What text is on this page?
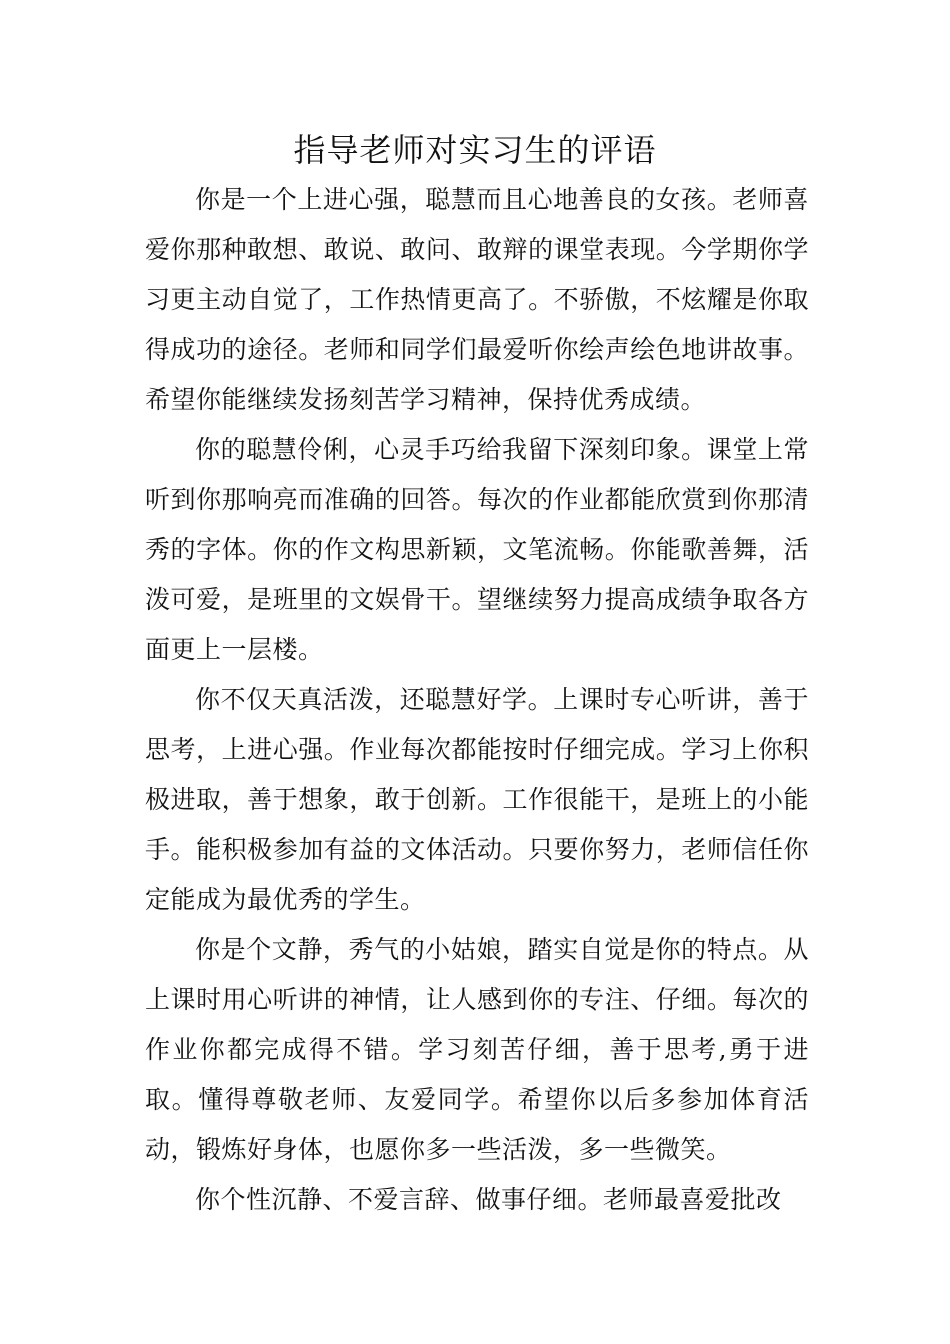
指导老师对实习生的评语

你是一个上进心强，聪慧而且心地善良的女孩。老师喜爱你那种敢想、敢说、敢问、敢辩的课堂表现。今学期你学习更主动自觉了，工作热情更高了。不骄傲，不炫耀是你取得成功的途径。老师和同学们最爱听你绘声绘色地讲故事。希望你能继续发扬刻苦学习精神，保持优秀成绩。

你的聪慧伶俐，心灵手巧给我留下深刻印象。课堂上常听到你那响亮而准确的回答。每次的作业都能欣赏到你那清秀的字体。你的作文构思新颖，文笔流畅。你能歌善舞，活泼可爱，是班里的文娱骨干。望继续努力提高成绩争取各方面更上一层楼。

你不仅天真活泼，还聪慧好学。上课时专心听讲，善于思考，上进心强。作业每次都能按时仔细完成。学习上你积极进取，善于想象，敢于创新。工作很能干，是班上的小能手。能积极参加有益的文体活动。只要你努力，老师信任你定能成为最优秀的学生。

你是个文静，秀气的小姑娘，踏实自觉是你的特点。从上课时用心听讲的神情，让人感到你的专注、仔细。每次的作业你都完成得不错。学习刻苦仔细，善于思考,勇于进取。懂得尊敬老师、友爱同学。希望你以后多参加体育活动，锻炼好身体，也愿你多一些活泼，多一些微笑。

你个性沉静、不爱言辞、做事仔细。老师最喜爱批改
